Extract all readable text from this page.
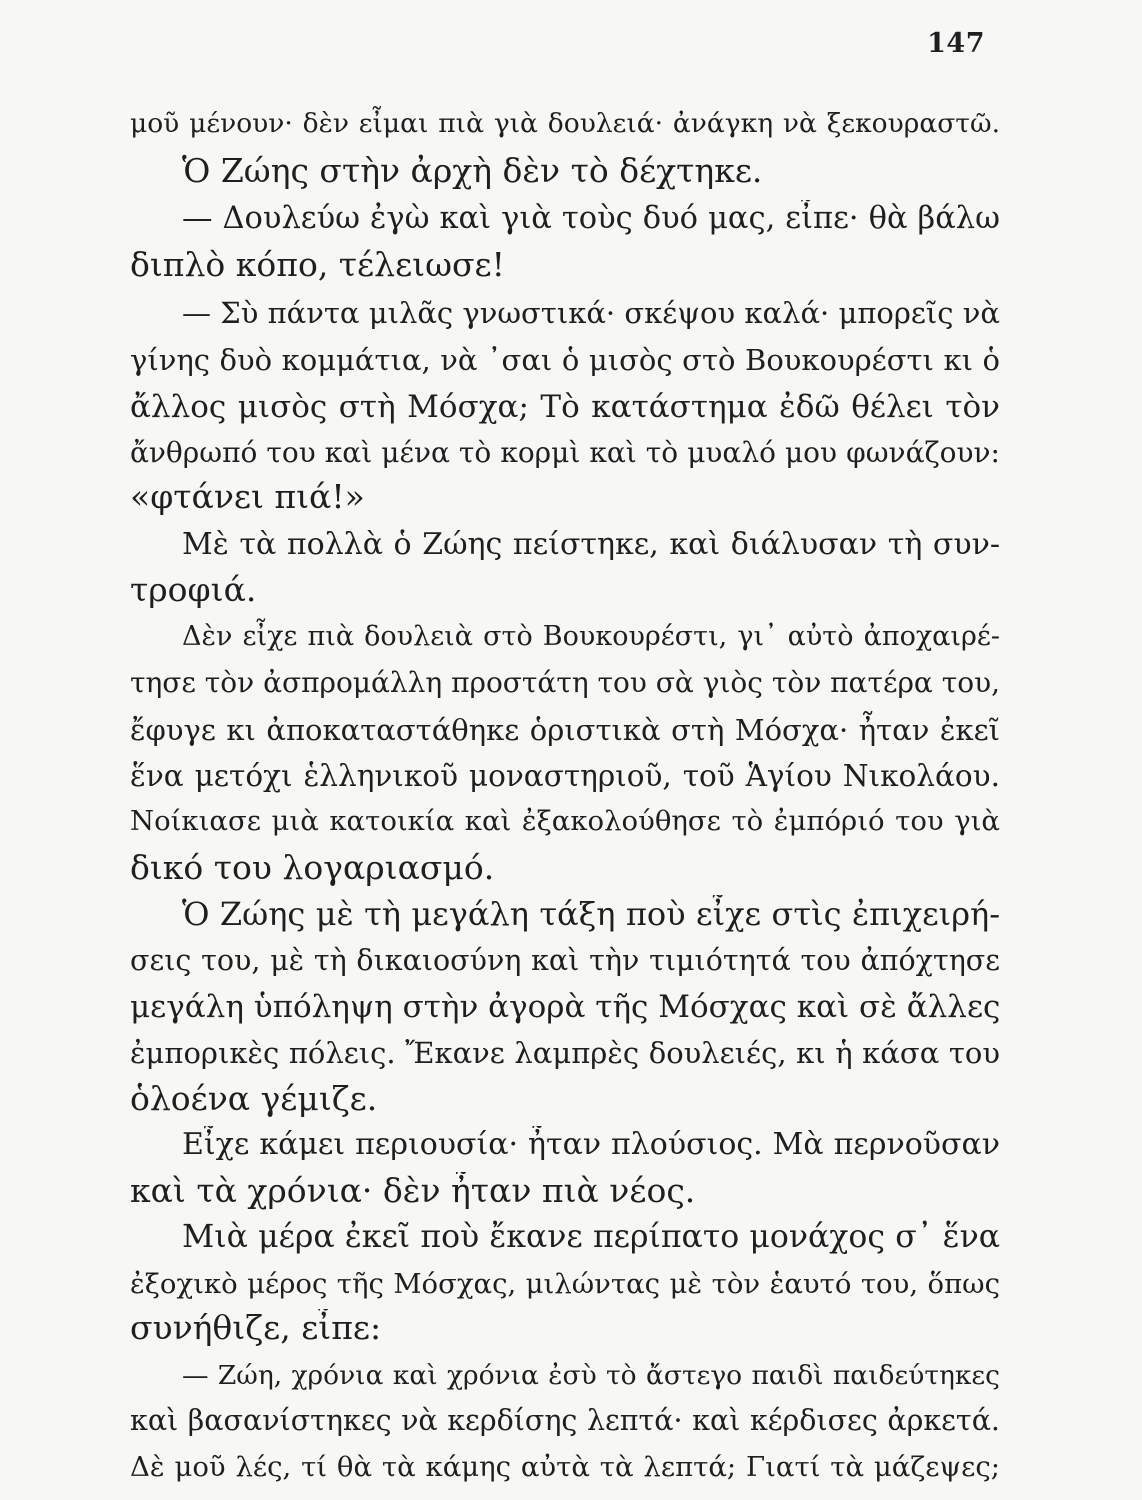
147
μοῦ μένουν· δὲν εἶμαι πιὰ γιὰ δουλειά· ἀνάγκη νὰ ξεκουραστῶ.
Ὁ Ζώης στὴν ἀρχὴ δὲν τὸ δέχτηκε.
— Δουλεύω ἐγὼ καὶ γιὰ τοὺς δυό μας, εἶπε· θὰ βάλω
διπλὸ κόπο, τέλειωσε!
— Σὺ πάντα μιλᾶς γνωστικά· σκέψου καλά· μπορεῖς νὰ
γίνης δυὸ κομμάτια, νὰ ᾿σαι ὁ μισὸς στὸ Βουκουρέστι κι ὁ
ἄλλος μισὸς στὴ Μόσχα; Τὸ κατάστημα ἐδῶ θέλει τὸν
ἄνθρωπό του καὶ μένα τὸ κορμὶ καὶ τὸ μυαλό μου φωνάζουν:
«φτάνει πιά!»
Μὲ τὰ πολλὰ ὁ Ζώης πείστηκε, καὶ διάλυσαν τὴ συν-
τροφιά.
Δὲν εἶχε πιὰ δουλειὰ στὸ Βουκουρέστι, γι᾿ αὐτὸ ἀποχαιρέ-
τησε τὸν ἀσπρομάλλη προστάτη του σὰ γιὸς τὸν πατέρα του,
ἔφυγε κι ἀποκαταστάθηκε ὁριστικὰ στὴ Μόσχα· ἦταν ἐκεῖ
ἕνα μετόχι ἑλληνικοῦ μοναστηριοῦ, τοῦ Ἁγίου Νικολάου.
Νοίκιασε μιὰ κατοικία καὶ ἐξακολούθησε τὸ ἐμπόριό του γιὰ
δικό του λογαριασμό.
Ὁ Ζώης μὲ τὴ μεγάλη τάξη ποὺ εἶχε στὶς ἐπιχειρή-
σεις του, μὲ τὴ δικαιοσύνη καὶ τὴν τιμιότητά του ἀπόχτησε
μεγάλη ὑπόληψη στὴν ἀγορὰ τῆς Μόσχας καὶ σὲ ἄλλες
ἐμπορικὲς πόλεις. Ἔκανε λαμπρὲς δουλειές, κι ἡ κάσα του
ὁλοένα γέμιζε.
Εἶχε κάμει περιουσία· ἦταν πλούσιος. Μὰ περνοῦσαν
καὶ τὰ χρόνια· δὲν ἦταν πιὰ νέος.
Μιὰ μέρα ἐκεῖ ποὺ ἔκανε περίπατο μονάχος σ᾿ ἕνα
ἐξοχικὸ μέρος τῆς Μόσχας, μιλώντας μὲ τὸν ἑαυτό του, ὅπως
συνήθιζε, εἶπε:
— Ζώη, χρόνια καὶ χρόνια ἐσὺ τὸ ἄστεγο παιδὶ παιδεύτηκες
καὶ βασανίστηκες νὰ κερδίσης λεπτά· καὶ κέρδισες ἀρκετά.
Δὲ μοῦ λές, τί θὰ τὰ κάμης αὐτὰ τὰ λεπτά; Γιατί τὰ μάζεψες;
